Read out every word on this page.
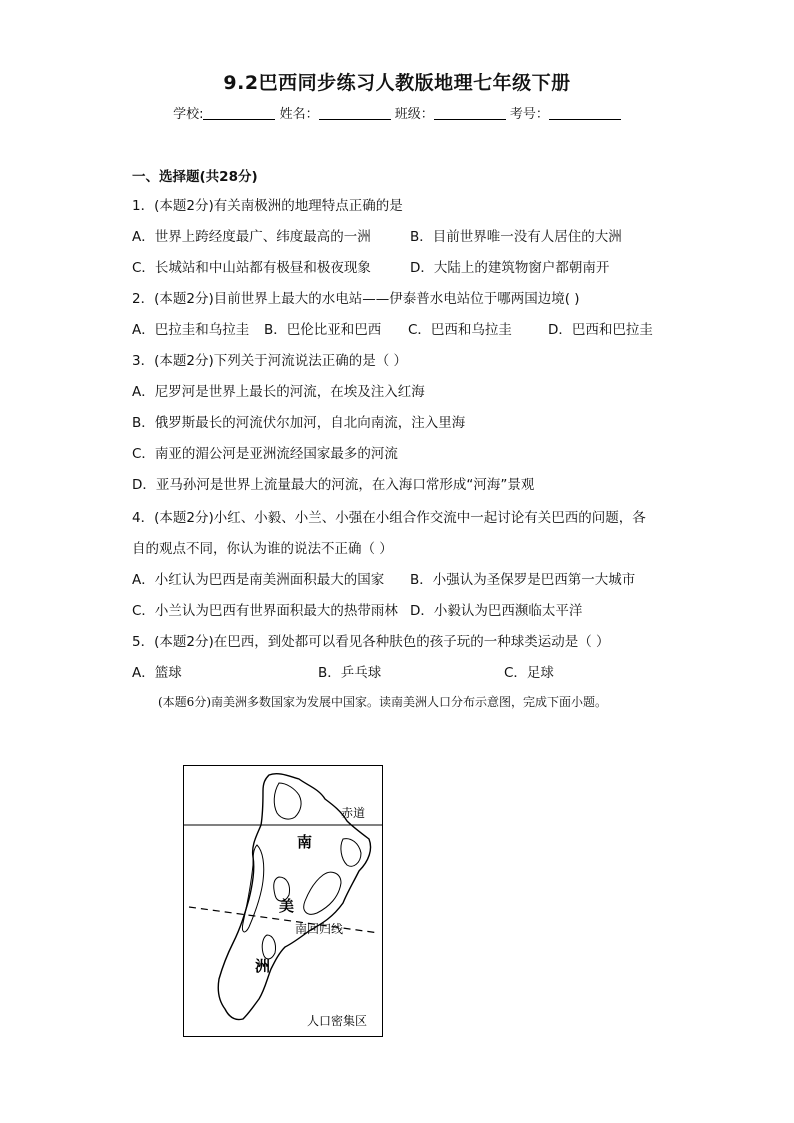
9.2巴西同步练习人教版地理七年级下册
学校:	姓名：	班级：	考号：
一、选择题(共28分)
1．(本题2分)有关南极洲的地理特点正确的是
A．世界上跨经度最广、纬度最高的一洲	B．目前世界唯一没有人居住的大洲
C．长城站和中山站都有极昼和极夜现象	D．大陆上的建筑物窗户都朝南开
2．(本题2分)目前世界上最大的水电站——伊泰普水电站位于哪两国边境( )
A．巴拉圭和乌拉圭 B．巴伦比亚和巴西 C．巴西和乌拉圭	D．巴西和巴拉圭
3．(本题2分)下列关于河流说法正确的是（ ）
A．尼罗河是世界上最长的河流，在埃及注入红海
B．俄罗斯最长的河流伏尔加河，自北向南流，注入里海
C．南亚的湄公河是亚洲流经国家最多的河流
D．亚马孙河是世界上流量最大的河流，在入海口常形成“河海”景观
4．(本题2分)小红、小毅、小兰、小强在小组合作交流中一起讨论有关巴西的问题，各
自的观点不同，你认为谁的说法不正确（ ）
A．小红认为巴西是南美洲面积最大的国家 B．小强认为圣保罗是巴西第一大城市
C．小兰认为巴西有世界面积最大的热带雨林 D．小毅认为巴西濒临太平洋
5．(本题2分)在巴西，到处都可以看见各种肤色的孩子玩的一种球类运动是（ ）
A．篮球	B．乒乓球	C．足球
(本题6分)南美洲多数国家为发展中国家。读南美洲人口分布示意图，完成下面小题。
赤道
南回归线
南
美
洲
人口密集区
